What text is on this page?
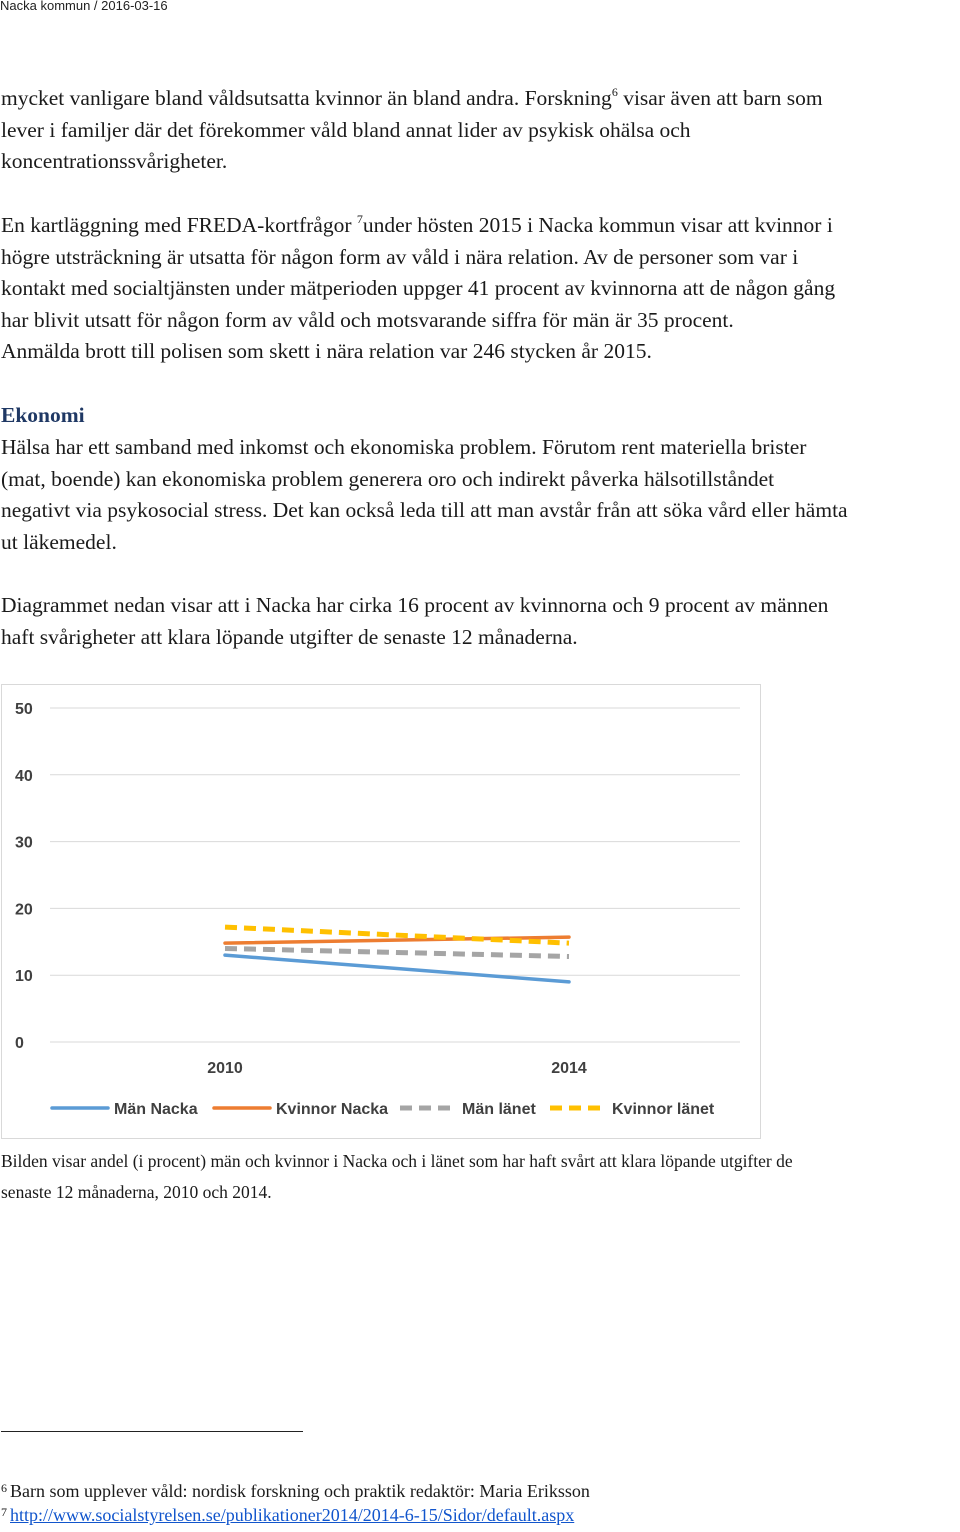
Nacka kommun / 2016-03-16
mycket vanligare bland våldsutsatta kvinnor än bland andra. Forskning$^6$ visar även att barn som
lever i familjer där det förekommer våld bland annat lider av psykisk ohälsa och
koncentrationssvårigheter.
En kartläggning med FREDA-kortfrågor $^7$under hösten 2015 i Nacka kommun visar att kvinnor i
högre utsträckning är utsatta för någon form av våld i nära relation. Av de personer som var i
kontakt med socialtjänsten under mätperioden uppger 41 procent av kvinnorna att de någon gång
har blivit utsatt för någon form av våld och motsvarande siffra för män är 35 procent.
Anmälda brott till polisen som skett i nära relation var 246 stycken år 2015.
Ekonomi
Hälsa har ett samband med inkomst och ekonomiska problem. Förutom rent materiella brister
(mat, boende) kan ekonomiska problem generera oro och indirekt påverka hälsotillståndet
negativt via psykosocial stress. Det kan också leda till att man avstår från att söka vård eller hämta
ut läkemedel.
Diagrammet nedan visar att i Nacka har cirka 16 procent av kvinnorna och 9 procent av männen
haft svårigheter att klara löpande utgifter de senaste 12 månaderna.
0
10
20
30
40
50
2010	2014
Män Nacka	Kvinnor Nacka	Män länet	Kvinnor länet
Bilden visar andel (i procent) män och kvinnor i Nacka och i länet som har haft svårt att klara löpande utgifter de
senaste 12 månaderna, 2010 och 2014.
$^6$ Barn som upplever våld: nordisk forskning och praktik redaktör: Maria Eriksson
$^7$ http://www.socialstyrelsen.se/publikationer2014/2014-6-15/Sidor/default.aspx
